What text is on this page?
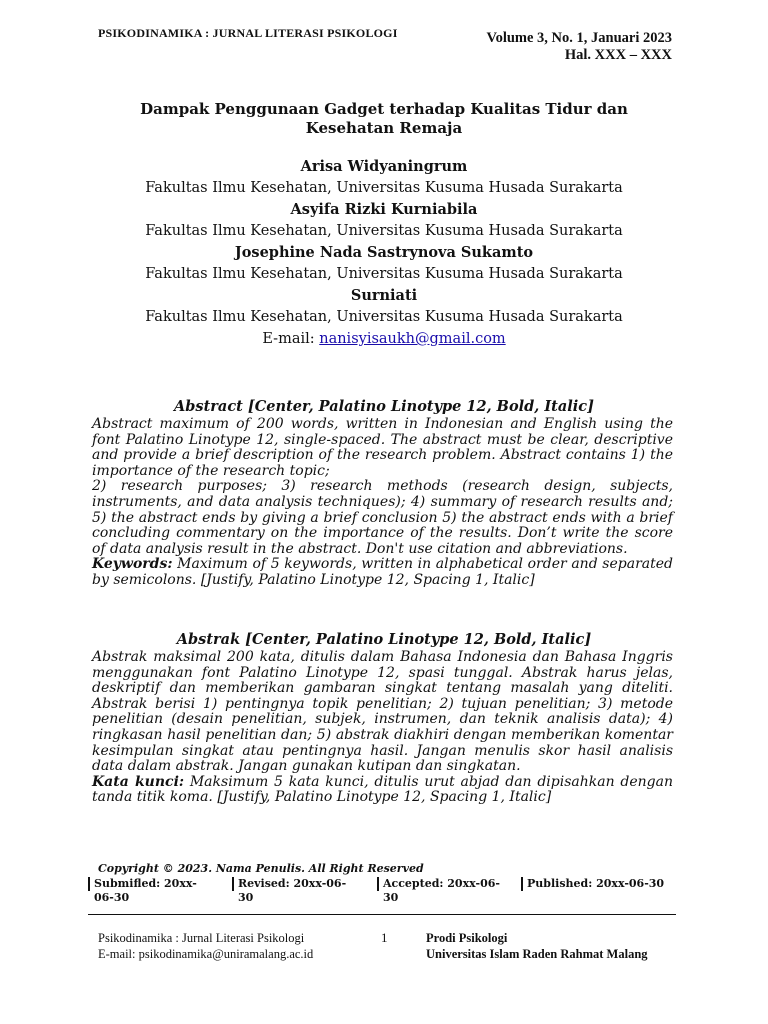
PSIKODINAMIKA : JURNAL LITERASI PSIKOLOGI	Volume 3, No. 1, Januari 2023
Hal. XXX – XXX
Dampak Penggunaan Gadget terhadap Kualitas Tidur dan
Kesehatan Remaja
Arisa Widyaningrum
Fakultas Ilmu Kesehatan, Universitas Kusuma Husada Surakarta
Asyifa Rizki Kurniabila
Fakultas Ilmu Kesehatan, Universitas Kusuma Husada Surakarta
Josephine Nada Sastrynova Sukamto
Fakultas Ilmu Kesehatan, Universitas Kusuma Husada Surakarta
Surniati
Fakultas Ilmu Kesehatan, Universitas Kusuma Husada Surakarta
E-mail: nanisyisaukh@gmail.com
Abstract [Center, Palatino Linotype 12, Bold, Italic]

Abstract maximum of 200 words, written in Indonesian and English using the font Palatino Linotype 12, single-spaced. The abstract must be clear, descriptive and provide a brief description of the research problem. Abstract contains 1) the importance of the research topic;

2) research purposes; 3) research methods (research design, subjects, instruments, and data analysis techniques); 4) summary of research results and; 5) the abstract ends by giving a brief conclusion 5) the abstract ends with a brief concluding commentary on the importance of the results. Don’t write the score of data analysis result in the abstract. Don't use citation and abbreviations.

Keywords: Maximum of 5 keywords, written in alphabetical order and separated by semicolons. [Justify, Palatino Linotype 12, Spacing 1, Italic]

Abstrak [Center, Palatino Linotype 12, Bold, Italic]

Abstrak maksimal 200 kata, ditulis dalam Bahasa Indonesia dan Bahasa Inggris menggunakan font Palatino Linotype 12, spasi tunggal. Abstrak harus jelas, deskriptif dan memberikan gambaran singkat tentang masalah yang diteliti. Abstrak berisi 1) pentingnya topik penelitian; 2) tujuan penelitian; 3) metode penelitian (desain penelitian, subjek, instrumen, dan teknik analisis data); 4) ringkasan hasil penelitian dan; 5) abstrak diakhiri dengan memberikan komentar kesimpulan singkat atau pentingnya hasil. Jangan menulis skor hasil analisis data dalam abstrak. Jangan gunakan kutipan dan singkatan.

Kata kunci: Maksimum 5 kata kunci, ditulis urut abjad dan dipisahkan dengan tanda titik koma. [Justify, Palatino Linotype 12, Spacing 1, Italic]

Copyright © 2023. Nama Penulis. All Right Reserved
Submifled: 20xx-06-30
Revised: 20xx-06-30
Accepted: 20xx-06-30
Published: 20xx-06-30
Psikodinamika : Jurnal Literasi Psikologi
E-mail: psikodinamika@uniramalang.ac.id
1	Prodi Psikologi
Universitas Islam Raden Rahmat Malang
